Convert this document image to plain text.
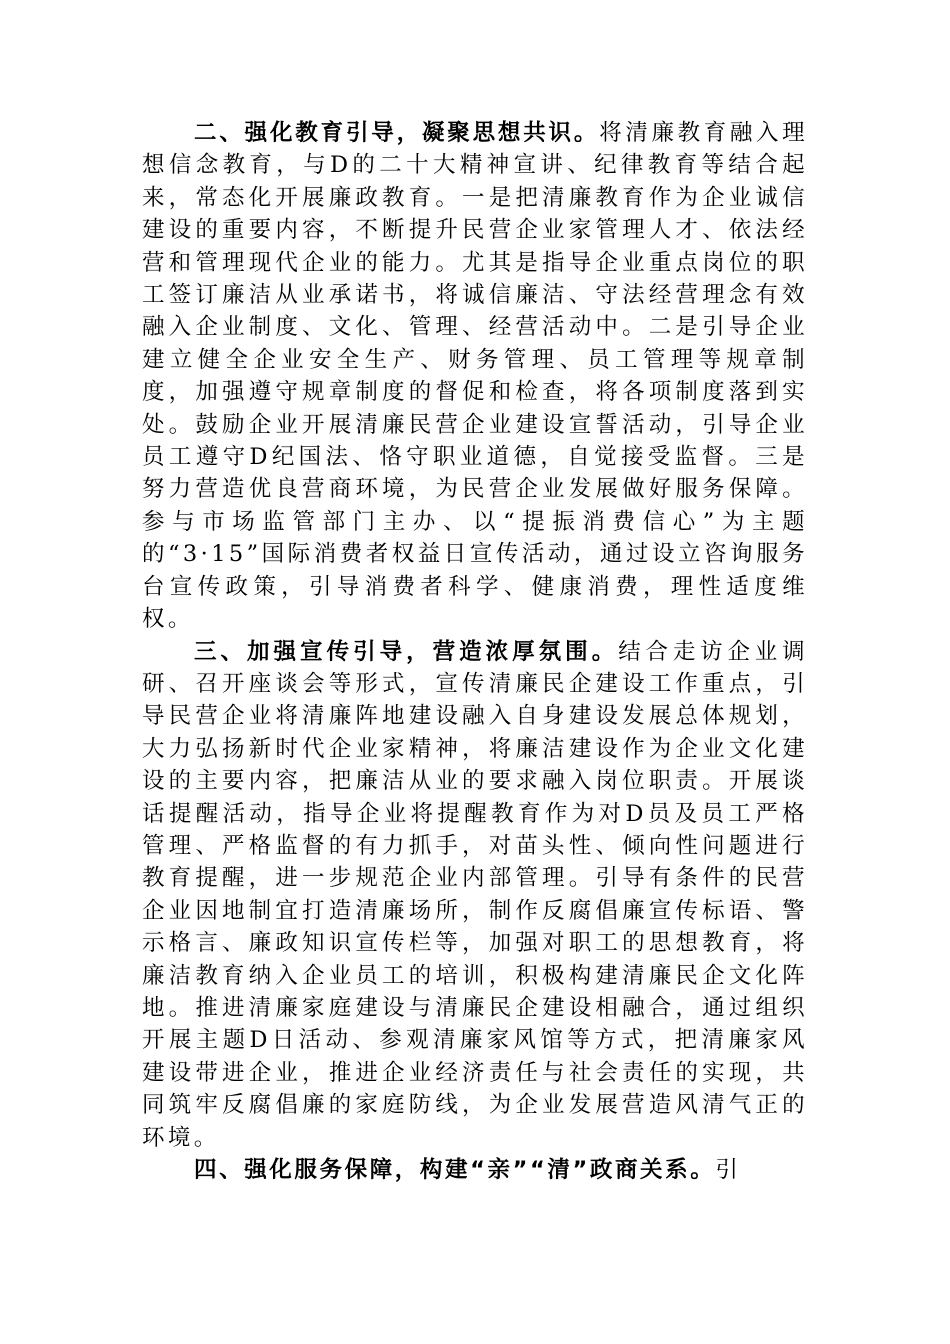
二、强化教育引导，凝聚思想共识。将清廉教育融入理想信念教育，与D的二十大精神宣讲、纪律教育等结合起来，常态化开展廉政教育。一是把清廉教育作为企业诚信建设的重要内容，不断提升民营企业家管理人才、依法经营和管理现代企业的能力。尤其是指导企业重点岗位的职工签订廉洁从业承诺书，将诚信廉洁、守法经营理念有效融入企业制度、文化、管理、经营活动中。二是引导企业建立健全企业安全生产、财务管理、员工管理等规章制度，加强遵守规章制度的督促和检查，将各项制度落到实处。鼓励企业开展清廉民营企业建设宣誓活动，引导企业员工遵守D纪国法、恪守职业道德，自觉接受监督。三是努力营造优良营商环境，为民营企业发展做好服务保障。参与市场监管部门主办、以“提振消费信心”为主题的“3·15”国际消费者权益日宣传活动，通过设立咨询服务台宣传政策，引导消费者科学、健康消费，理性适度维权。

三、加强宣传引导，营造浓厚氛围。结合走访企业调研、召开座谈会等形式，宣传清廉民企建设工作重点，引导民营企业将清廉阵地建设融入自身建设发展总体规划，大力弘扬新时代企业家精神，将廉洁建设作为企业文化建设的主要内容，把廉洁从业的要求融入岗位职责。开展谈话提醒活动，指导企业将提醒教育作为对D员及员工严格管理、严格监督的有力抓手，对苗头性、倾向性问题进行教育提醒，进一步规范企业内部管理。引导有条件的民营企业因地制宜打造清廉场所，制作反腐倡廉宣传标语、警示格言、廉政知识宣传栏等，加强对职工的思想教育，将廉洁教育纳入企业员工的培训，积极构建清廉民企文化阵地。推进清廉家庭建设与清廉民企建设相融合，通过组织开展主题D日活动、参观清廉家风馆等方式，把清廉家风建设带进企业，推进企业经济责任与社会责任的实现，共同筑牢反腐倡廉的家庭防线，为企业发展营造风清气正的环境。

四、强化服务保障，构建“亲”“清”政商关系。引
